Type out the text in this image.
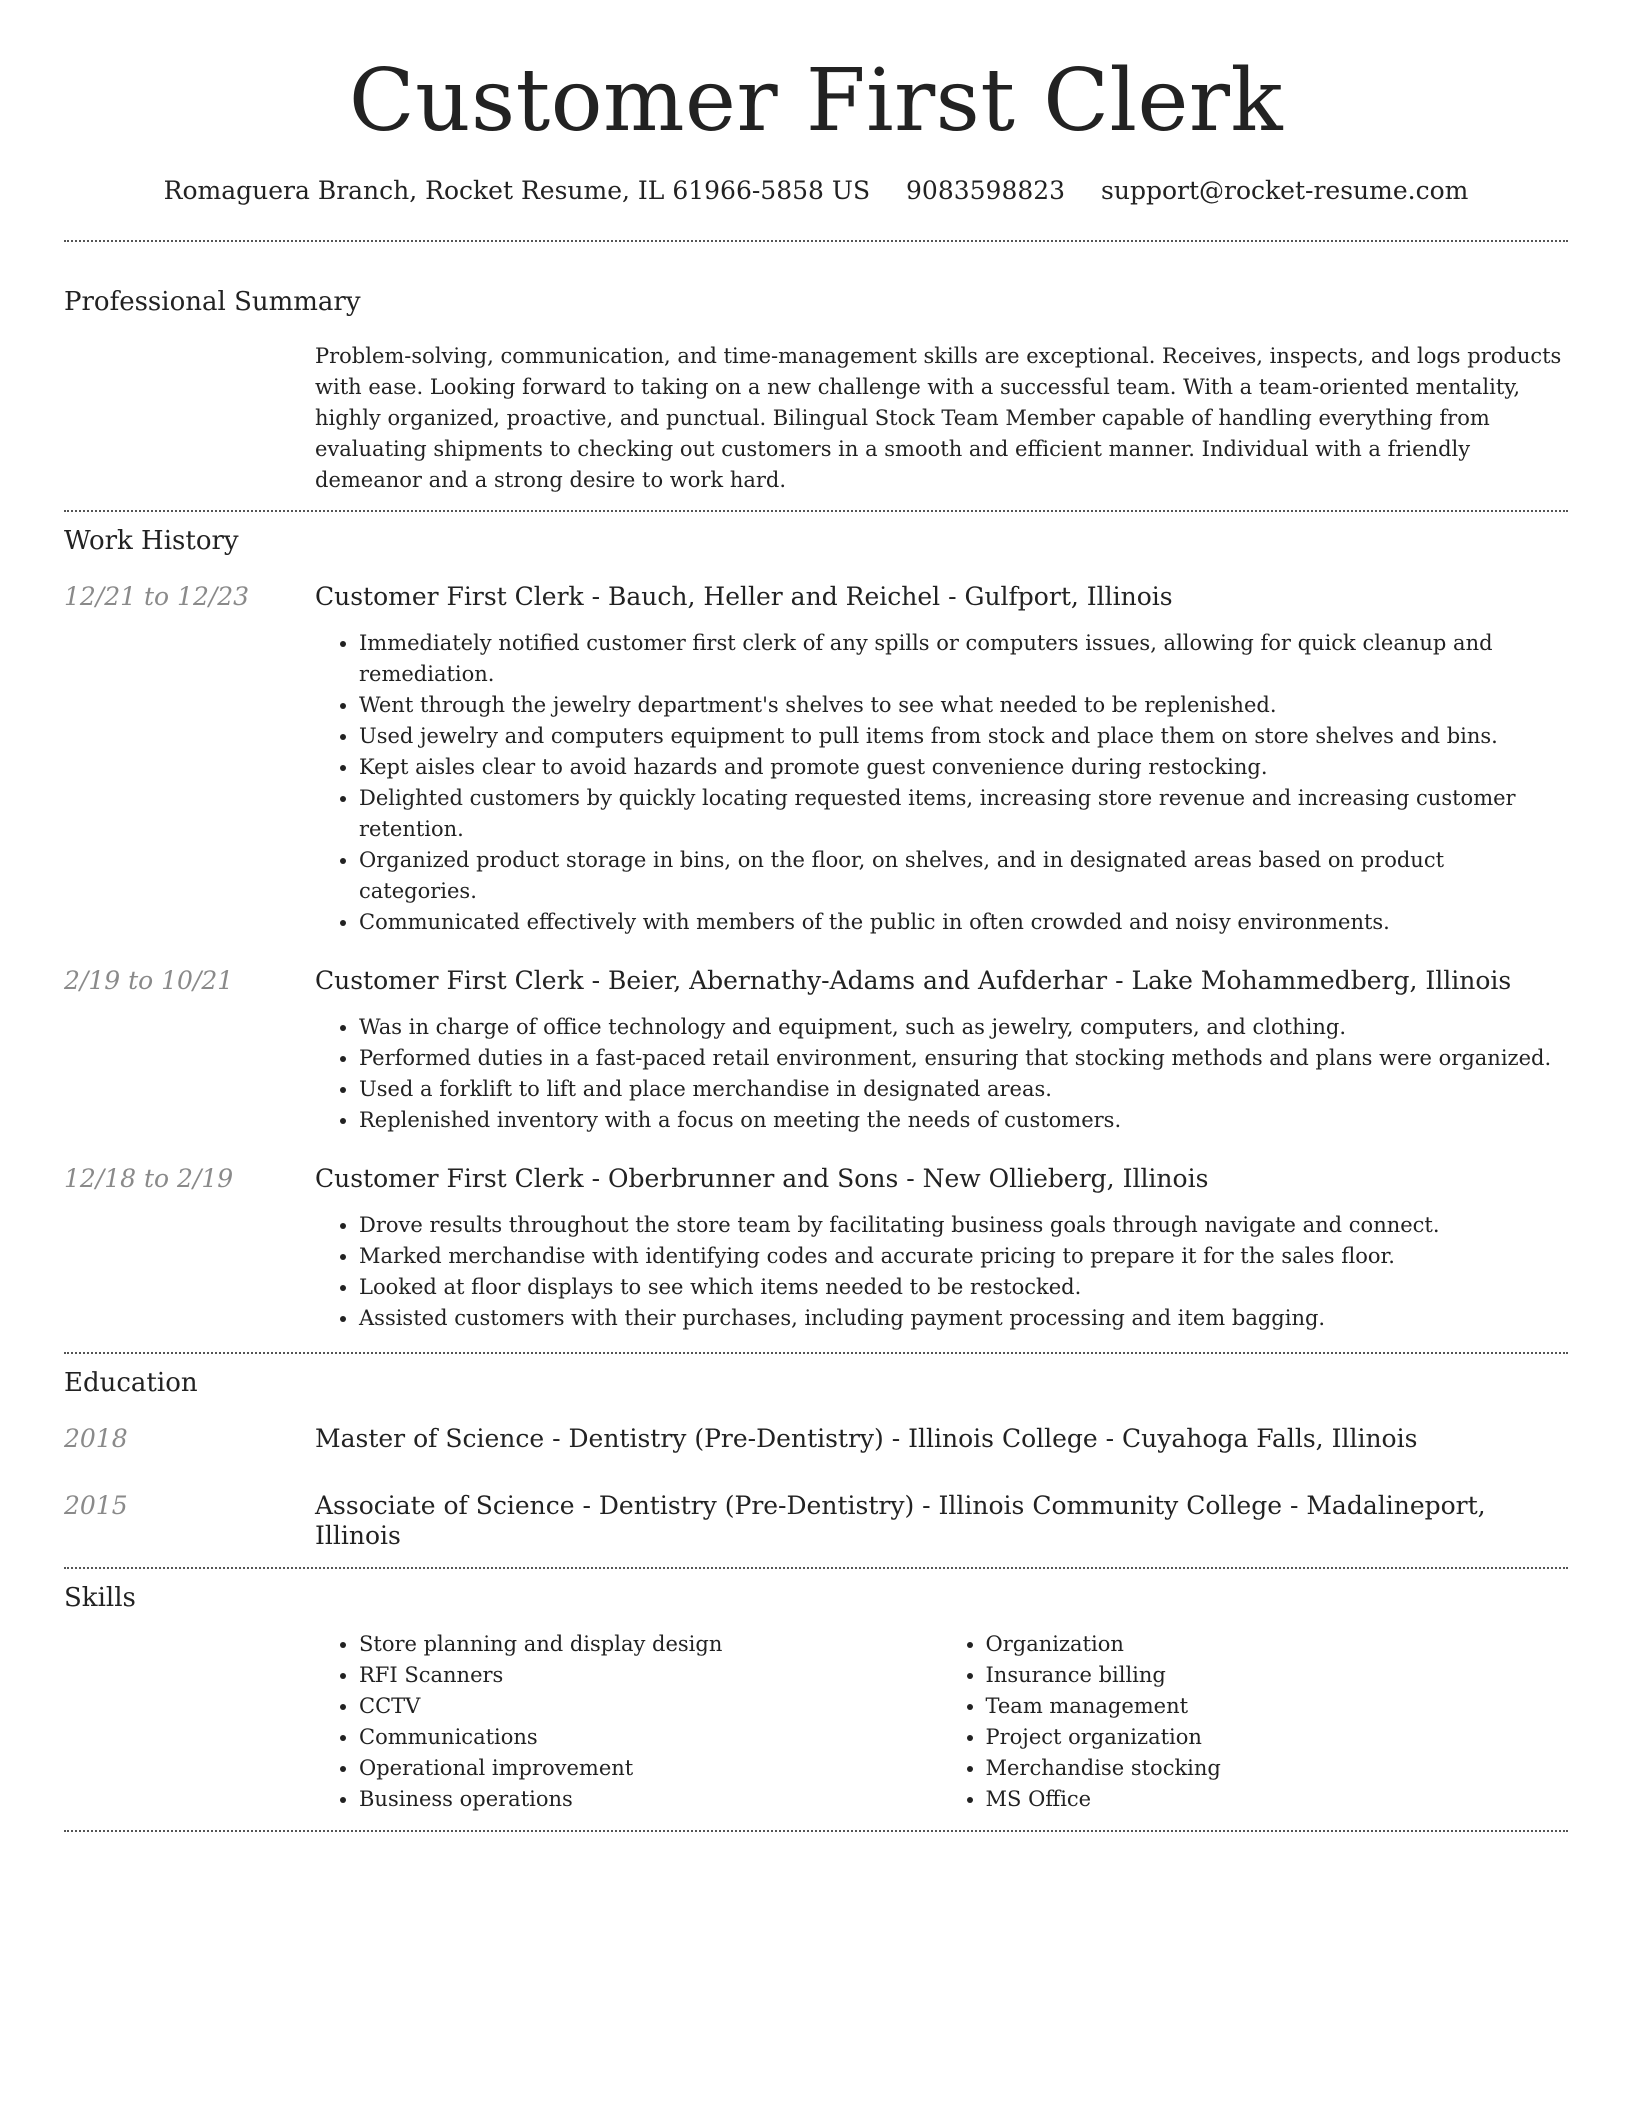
Customer First Clerk
Romaguera Branch, Rocket Resume, IL 61966-5858 US 9083598823 support@rocket-resume.com
Professional Summary

Problem-solving, communication, and time-management skills are exceptional. Receives, inspects, and logs products with ease. Looking forward to taking on a new challenge with a successful team. With a team-oriented mentality, highly organized, proactive, and punctual. Bilingual Stock Team Member capable of handling everything from evaluating shipments to checking out customers in a smooth and efficient manner. Individual with a friendly demeanor and a strong desire to work hard.

Work History
12/21 to 12/23	Customer First Clerk - Bauch, Heller and Reichel - Gulfport, Illinois
• Immediately notified customer first clerk of any spills or computers issues, allowing for quick cleanup and remediation.
• Went through the jewelry department's shelves to see what needed to be replenished.
• Used jewelry and computers equipment to pull items from stock and place them on store shelves and bins.
• Kept aisles clear to avoid hazards and promote guest convenience during restocking.
• Delighted customers by quickly locating requested items, increasing store revenue and increasing customer retention.
• Organized product storage in bins, on the floor, on shelves, and in designated areas based on product categories.
• Communicated effectively with members of the public in often crowded and noisy environments.
2/19 to 10/21	Customer First Clerk - Beier, Abernathy-Adams and Aufderhar - Lake Mohammedberg, Illinois
• Was in charge of office technology and equipment, such as jewelry, computers, and clothing.
• Performed duties in a fast-paced retail environment, ensuring that stocking methods and plans were organized.
• Used a forklift to lift and place merchandise in designated areas.
• Replenished inventory with a focus on meeting the needs of customers.
12/18 to 2/19	Customer First Clerk - Oberbrunner and Sons - New Ollieberg, Illinois
• Drove results throughout the store team by facilitating business goals through navigate and connect.
• Marked merchandise with identifying codes and accurate pricing to prepare it for the sales floor.
• Looked at floor displays to see which items needed to be restocked.
• Assisted customers with their purchases, including payment processing and item bagging.
Education
2018	Master of Science - Dentistry (Pre-Dentistry) - Illinois College - Cuyahoga Falls, Illinois
2015	Associate of Science - Dentistry (Pre-Dentistry) - Illinois Community College - Madalineport, Illinois
Skills
• Store planning and display design
• RFI Scanners
• CCTV
• Communications
• Operational improvement
• Business operations
• Organization
• Insurance billing
• Team management
• Project organization
• Merchandise stocking
• MS Office
